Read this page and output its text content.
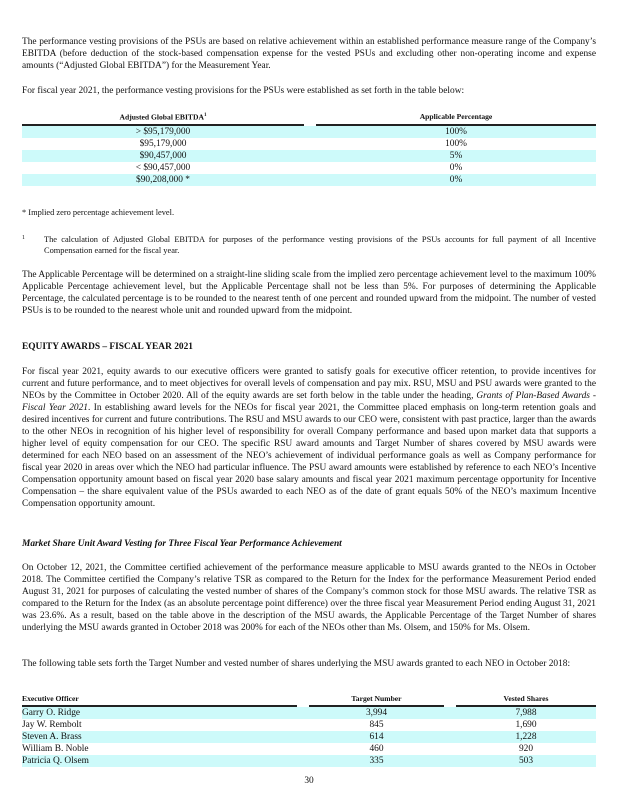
The performance vesting provisions of the PSUs are based on relative achievement within an established performance measure range of the Company’s EBITDA (before deduction of the stock-based compensation expense for the vested PSUs and excluding other non-operating income and expense amounts (“Adjusted Global EBITDA”) for the Measurement Year.

For fiscal year 2021, the performance vesting provisions for the PSUs were established as set forth in the table below:

Adjusted Global EBITDA$^1$		Applicable Percentage
> $95,179,000		100%
$95,179,000		100%
$90,457,000		5%
< $90,457,000		0%
$90,208,000 *		0%
* Implied zero percentage achievement level.
1	The calculation of Adjusted Global EBITDA for purposes of the performance vesting provisions of the PSUs accounts for full payment of all Incentive Compensation earned for the fiscal year.

The Applicable Percentage will be determined on a straight-line sliding scale from the implied zero percentage achievement level to the maximum 100% Applicable Percentage achievement level, but the Applicable Percentage shall not be less than 5%. For purposes of determining the Applicable Percentage, the calculated percentage is to be rounded to the nearest tenth of one percent and rounded upward from the midpoint. The number of vested PSUs is to be rounded to the nearest whole unit and rounded upward from the midpoint.

EQUITY AWARDS – FISCAL YEAR 2021

For fiscal year 2021, equity awards to our executive officers were granted to satisfy goals for executive officer retention, to provide incentives for current and future performance, and to meet objectives for overall levels of compensation and pay mix. RSU, MSU and PSU awards were granted to the NEOs by the Committee in October 2020. All of the equity awards are set forth below in the table under the heading, Grants of Plan-Based Awards - Fiscal Year 2021. In establishing award levels for the NEOs for fiscal year 2021, the Committee placed emphasis on long-term retention goals and desired incentives for current and future contributions. The RSU and MSU awards to our CEO were, consistent with past practice, larger than the awards to the other NEOs in recognition of his higher level of responsibility for overall Company performance and based upon market data that supports a higher level of equity compensation for our CEO. The specific RSU award amounts and Target Number of shares covered by MSU awards were determined for each NEO based on an assessment of the NEO’s achievement of individual performance goals as well as Company performance for fiscal year 2020 in areas over which the NEO had particular influence. The PSU award amounts were established by reference to each NEO’s Incentive Compensation opportunity amount based on fiscal year 2020 base salary amounts and fiscal year 2021 maximum percentage opportunity for Incentive Compensation – the share equivalent value of the PSUs awarded to each NEO as of the date of grant equals 50% of the NEO’s maximum Incentive Compensation opportunity amount.

Market Share Unit Award Vesting for Three Fiscal Year Performance Achievement

On October 12, 2021, the Committee certified achievement of the performance measure applicable to MSU awards granted to the NEOs in October 2018. The Committee certified the Company’s relative TSR as compared to the Return for the Index for the performance Measurement Period ended August 31, 2021 for purposes of calculating the vested number of shares of the Company’s common stock for those MSU awards. The relative TSR as compared to the Return for the Index (as an absolute percentage point difference) over the three fiscal year Measurement Period ending August 31, 2021 was 23.6%. As a result, based on the table above in the description of the MSU awards, the Applicable Percentage of the Target Number of shares underlying the MSU awards granted in October 2018 was 200% for each of the NEOs other than Ms. Olsem, and 150% for Ms. Olsem.

The following table sets forth the Target Number and vested number of shares underlying the MSU awards granted to each NEO in October 2018:

Executive Officer		Target Number		Vested Shares
Garry O. Ridge		3,994		7,988
Jay W. Rembolt		845		1,690
Steven A. Brass		614		1,228
William B. Noble		460		920
Patricia Q. Olsem		335		503
30
